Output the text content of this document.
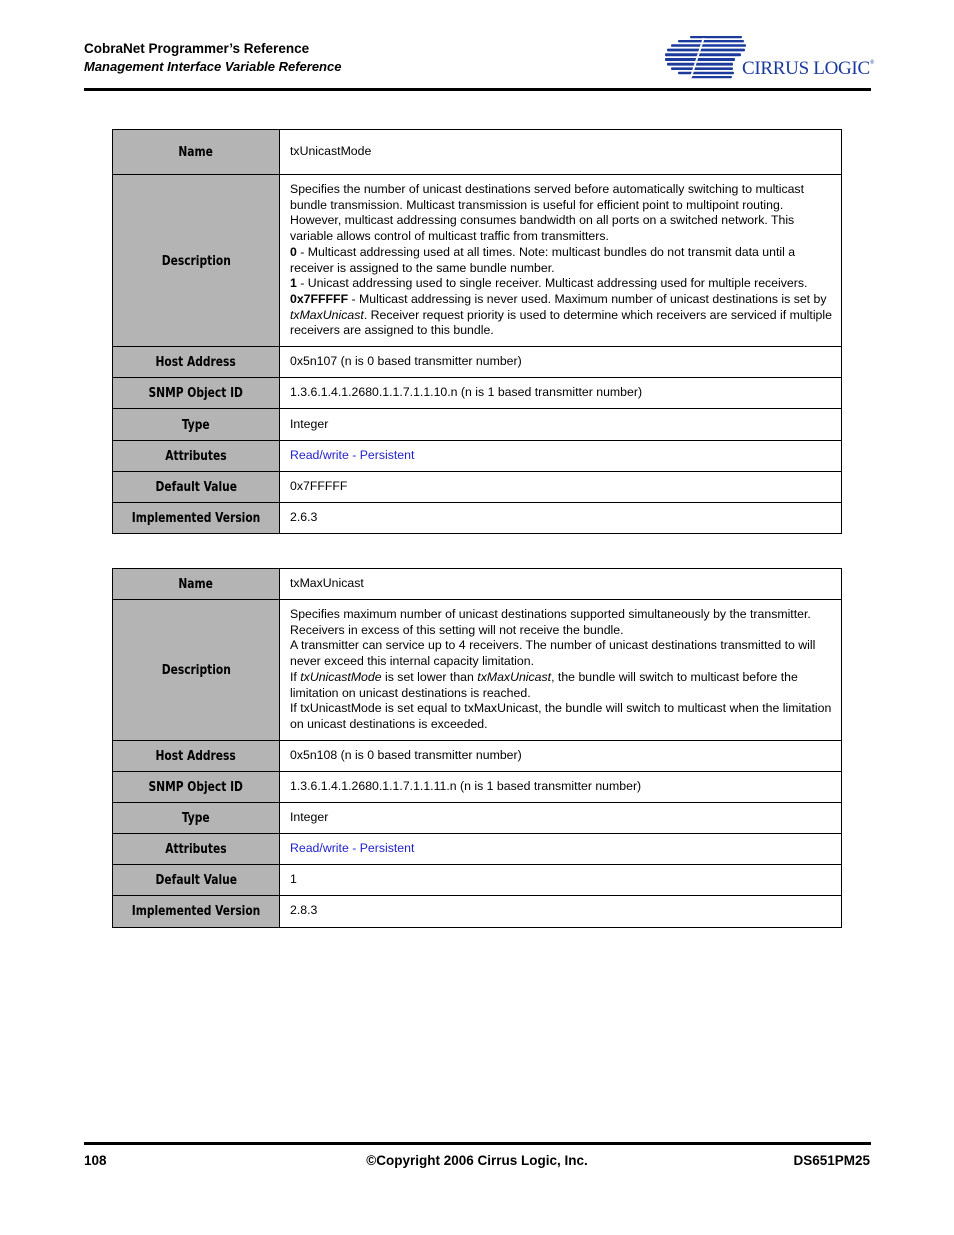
CobraNet Programmer’s Reference
Management Interface Variable Reference	CIRRUS LOGIC®
Name	txUnicastMode
Description	Specifies the number of unicast destinations served before automatically switching to multicast bundle transmission. Multicast transmission is useful for efficient point to multipoint routing. However, multicast addressing consumes bandwidth on all ports on a switched network. This variable allows control of multicast traffic from transmitters.

0 - Multicast addressing used at all times. Note: multicast bundles do not transmit data until a receiver is assigned to the same bundle number.

1 - Unicast addressing used to single receiver. Multicast addressing used for multiple receivers.

0x7FFFFF - Multicast addressing is never used. Maximum number of unicast destinations is set by txMaxUnicast. Receiver request priority is used to determine which receivers are serviced if multiple receivers are assigned to this bundle.

Host Address	0x5n107 (n is 0 based transmitter number)
SNMP Object ID	1.3.6.1.4.1.2680.1.1.7.1.1.10.n (n is 1 based transmitter number)
Type	Integer
Attributes	Read/write - Persistent
Default Value	0x7FFFFF
Implemented Version	2.6.3
Name	txMaxUnicast
Description	Specifies maximum number of unicast destinations supported simultaneously by the transmitter. Receivers in excess of this setting will not receive the bundle.

A transmitter can service up to 4 receivers. The number of unicast destinations transmitted to will never exceed this internal capacity limitation.

If txUnicastMode is set lower than txMaxUnicast, the bundle will switch to multicast before the limitation on unicast destinations is reached.

If txUnicastMode is set equal to txMaxUnicast, the bundle will switch to multicast when the limitation on unicast destinations is exceeded.

Host Address	0x5n108 (n is 0 based transmitter number)
SNMP Object ID	1.3.6.1.4.1.2680.1.1.7.1.1.11.n (n is 1 based transmitter number)
Type	Integer
Attributes	Read/write - Persistent
Default Value	1
Implemented Version	2.8.3
108	©Copyright 2006 Cirrus Logic, Inc.	DS651PM25
